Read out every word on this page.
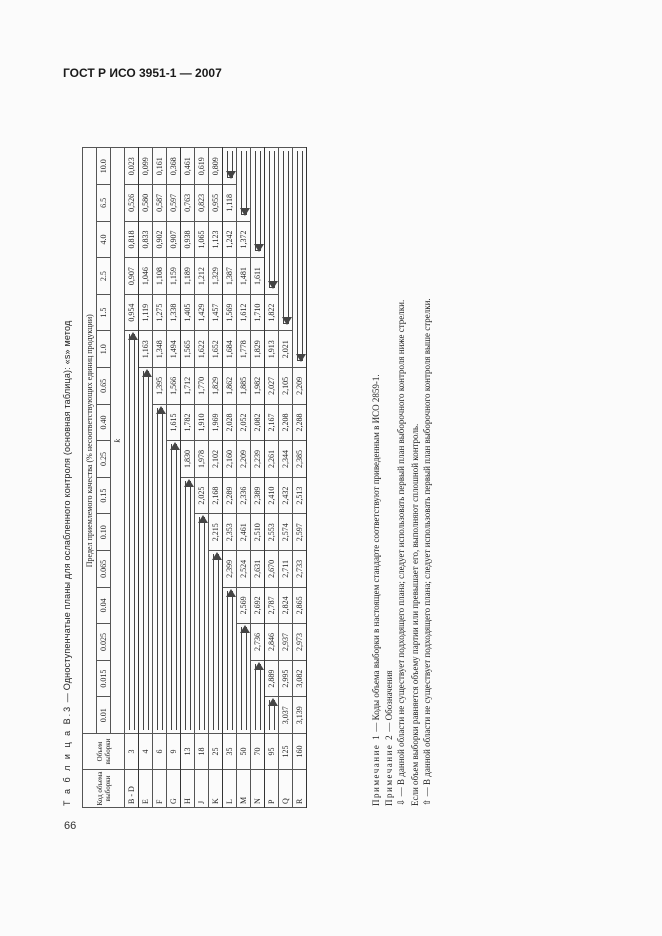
ГОСТ Р ИСО 3951-1 — 2007
Т а б л и ц а В.3 — Одноступенчатые планы для ослабленного контроля (основная таблица): «s» метод
Код объема выборки	Объем выборки	Предел приемлемого качества (% несоответствующих единиц продукции)															
		0.01	0.015	0.025	0.04	0.065	0.10	0.15	0.25	0.40	0.65	1.0	1.5	2.5	4.0	6.5	10.0
		k															
B - D	3												0,954	0,907	0,818	0,526	0,023
E	4											1,163	1,119	1,046	0,833	0,580	0,099
F	6										1,395	1,348	1,275	1,108	0,902	0,587	0,161
G	9									1,615	1,566	1,494	1,338	1,159	0,907	0,597	0,368
H	13								1,830	1,782	1,712	1,565	1,405	1,189	0,938	0,763	0,461
J	18							2,025	1,978	1,910	1,770	1,622	1,429	1,212	1,065	0,823	0,619
K	25						2,215	2,168	2,102	1,969	1,829	1,652	1,457	1,329	1,123	0,955	0,809
L	35					2,399	2,353	2,289	2,160	2,028	1,862	1,684	1,569	1,387	1,242	1,118	

M	50				2,569	2,524	2,461	2,336	2,209	2,052	1,885	1,778	1,612	1,481	1,372		

N	70			2,736	2,692	2,631	2,510	2,389	2,239	2,082	1,982	1,829	1,710	1,611			

P	95		2,889	2,846	2,787	2,670	2,553	2,410	2,261	2,167	2,027	1,913	1,822				

Q	125	3,037	2,995	2,937	2,824	2,711	2,574	2,432	2,344	2,208	2,105	2,021					

R	160	3,139	3,082	2,973	2,865	2,733	2,597	2,513	2,385	2,288	2,209						
Примечание 1 — Коды объема выборки в настоящем стандарте соответствуют приведенным в ИСО 2859-1.
Примечание 2 — Обозначения
⇩ — В данной области не существует подходящего плана; следует использовать первый план выборочного контроля ниже стрелки. Если объем выборки равняется объему партии или превышает его, выполняют сплошной контроль. ⇧ — В данной области не существует подходящего плана; следует использовать первый план выборочного контроля выше стрелки.
66
